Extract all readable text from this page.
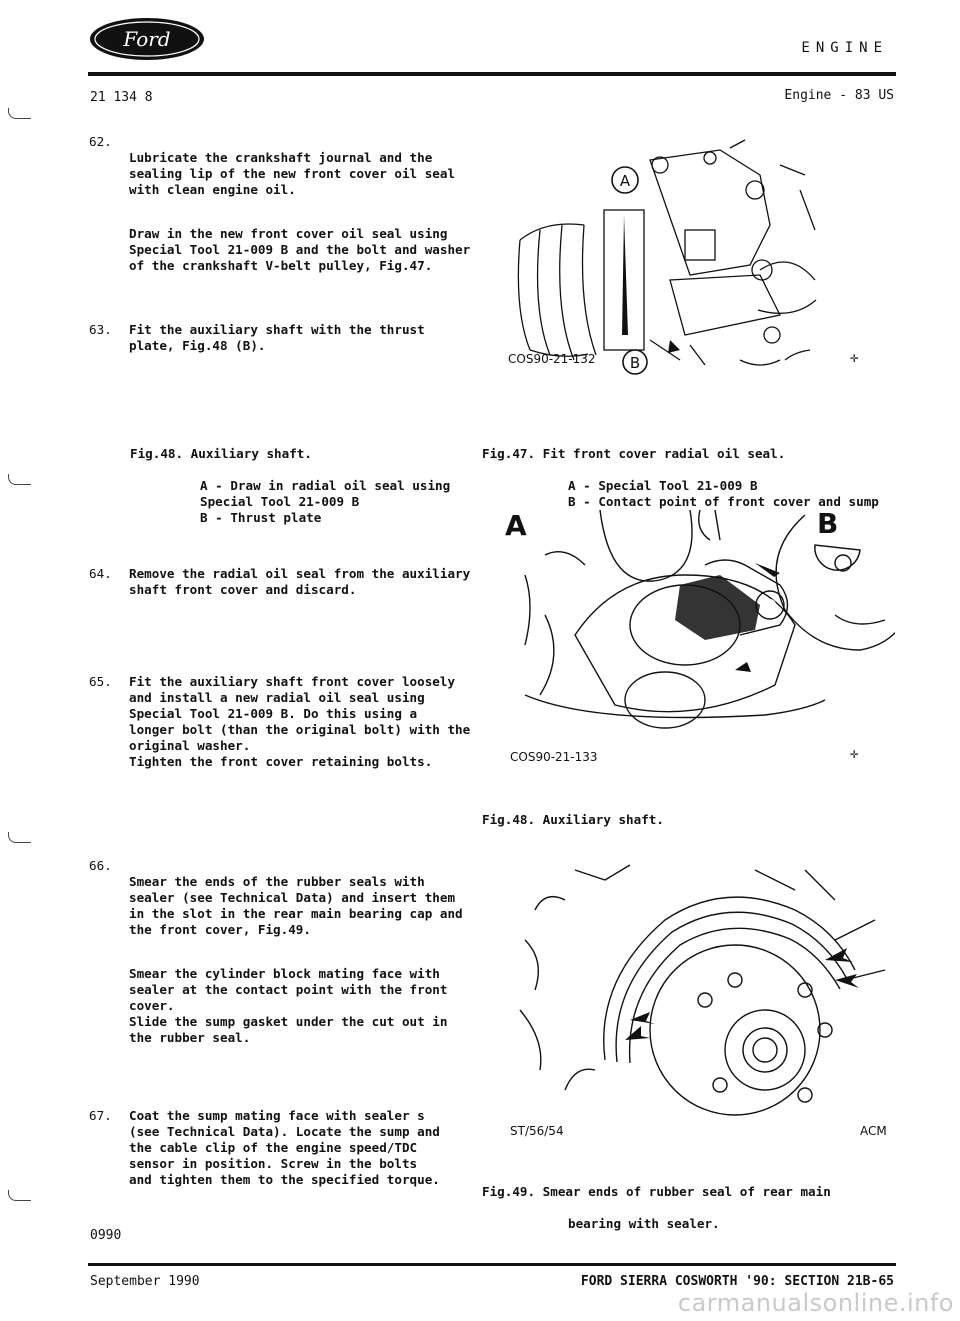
Ford	ENGINE
21 134 8	Engine - 83 US
62.

Lubricate the crankshaft journal and the
sealing lip of the new front cover oil seal
with clean engine oil.

Draw in the new front cover oil seal using
Special Tool 21-009 B and the bolt and washer
of the crankshaft V-belt pulley, Fig.47.

63. Fit the auxiliary shaft with the thrust
plate, Fig.48 (B).

Fig.48. Auxiliary shaft.

A - Draw in radial oil seal using
Special Tool 21-009 B
B - Thrust plate

64. Remove the radial oil seal from the auxiliary
shaft front cover and discard.

65. Fit the auxiliary shaft front cover loosely
and install a new radial oil seal using
Special Tool 21-009 B. Do this using a
longer bolt (than the original bolt) with the
original washer.
Tighten the front cover retaining bolts.

66.

Smear the ends of the rubber seals with
sealer (see Technical Data) and insert them
in the slot in the rear main bearing cap and
the front cover, Fig.49.

Smear the cylinder block mating face with
sealer at the contact point with the front
cover.
Slide the sump gasket under the cut out in
the rubber seal.

67. Coat the sump mating face with sealer s
(see Technical Data). Locate the sump and
the cable clip of the engine speed/TDC
sensor in position. Screw in the bolts
and tighten them to the specified torque.

A
B
COS90-21-132	✛

Fig.47. Fit front cover radial oil seal.

A - Special Tool 21-009 B
B - Contact point of front cover and sump

A	B
COS90-21-133	✛

Fig.48. Auxiliary shaft.

ST/56/54	ACM

Fig.49. Smear ends of rubber seal of rear main

bearing with sealer.

0990
September 1990	FORD SIERRA COSWORTH '90: SECTION 21B-65
carmanualsonline.info
